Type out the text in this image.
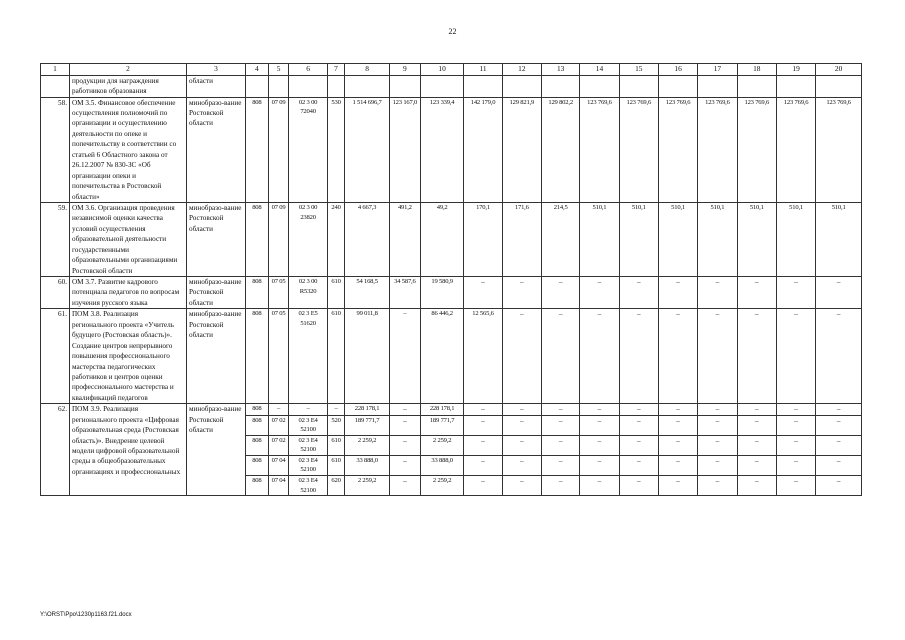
22
1	2	3	4	5	6	7	8	9	10	11	12	13	14	15	16	17	18	19	20
	продукции для награждения работников образования	области																	
58.	ОМ 3.5. Финансовое обеспечение осуществления полномочий по организации и осуществлению деятельности по опеке и попечительству в соответствии со статьей 6 Областного закона от 26.12.2007 № 830-ЗС «Об организации опеки и попечительства в Ростовской области»	минобразо-вание Ростовской области	808	07 09	02 3 00 72040	530	1 514 696,7	123 167,0	123 339,4	142 179,0	129 821,9	129 802,2	123 769,6	123 769,6	123 769,6	123 769,6	123 769,6	123 769,6	123 769,6
59.	ОМ 3.6. Организация проведения независимой оценки качества условий осуществления образовательной деятельности государственными образовательными организациями Ростовской области	минобразо-вание Ростовской области	808	07 09	02 3 00 23820	240	4 667,3	491,2	49,2	170,1	171,6	214,5	510,1	510,1	510,1	510,1	510,1	510,1	510,1
60.	ОМ 3.7. Развитие кадрового потенциала педагогов по вопросам изучения русского языка	минобразо-вание Ростовской области	808	07 05	02 3 00 R5320	610	54 168,5	34 587,6	19 580,9	–	–	–	–	–	–	–	–	–	–
61.	ПОМ 3.8. Реализация регионального проекта «Учитель будущего (Ростовская область)». Создание центров непрерывного повышения профессионального мастерства педагогических работников и центров оценки профессионального мастерства и квалификаций педагогов	минобразо-вание Ростовской области	808	07 05	02 3 E5 51620	610	99 011,8	–	86 446,2	12 565,6	–	–	–	–	–	–	–	–	–
62.	ПОМ 3.9. Реализация регионального проекта «Цифровая образовательная среда (Ростовская область)». Внедрение целевой модели цифровой образовательной среды в общеобразовательных организациях и профессиональных	минобразо-вание Ростовской области	808	–	–	–	228 178,1	–	228 178,1	–	–	–	–	–	–	–	–	–	–
			808	07 02	02 3 E4 52100	520	189 771,7	–	189 771,7	–	–	–	–	–	–	–	–	–	–
			808	07 02	02 3 E4 52100	610	2 259,2	–	2 259,2	–	–	–	–	–	–	–	–	–	–
			808	07 04	02 3 E4 52100	610	33 888,0	–	33 888,0	–	–	–	–	–	–	–	–	–	–
			808	07 04	02 3 E4 52100	620	2 259,2	–	2 259,2	–	–	–	–	–	–	–	–	–	–
Y:\ORST\Ppo\1230p1163.f21.docx
